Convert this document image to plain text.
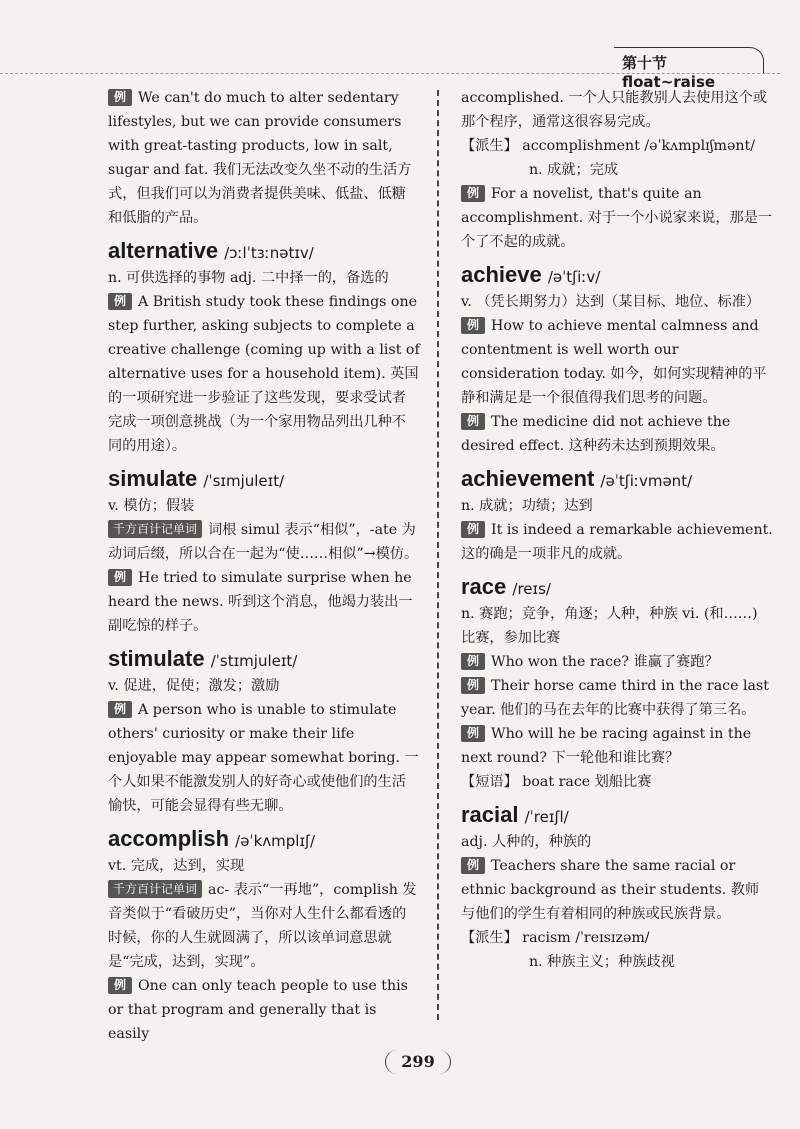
第十节 float~raise

例 We can't do much to alter sedentary lifestyles, but we can provide consumers with great-tasting products, low in salt, sugar and fat. 我们无法改变久坐不动的生活方式，但我们可以为消费者提供美味、低盐、低糖和低脂的产品。

alternative /ɔːlˈtɜːnətɪv/

n. 可供选择的事物 adj. 二中择一的，备选的

例 A British study took these findings one step further, asking subjects to complete a creative challenge (coming up with a list of alternative uses for a household item). 英国的一项研究进一步验证了这些发现，要求受试者完成一项创意挑战（为一个家用物品列出几种不同的用途）。

simulate /ˈsɪmjuleɪt/

v. 模仿；假装

千方百计记单词 词根 simul 表示“相似”，-ate 为动词后缀，所以合在一起为“使……相似”→模仿。

例 He tried to simulate surprise when he heard the news. 听到这个消息，他竭力装出一副吃惊的样子。

stimulate /ˈstɪmjuleɪt/

v. 促进，促使；激发；激励

例 A person who is unable to stimulate others' curiosity or make their life enjoyable may appear somewhat boring. 一个人如果不能激发别人的好奇心或使他们的生活愉快，可能会显得有些无聊。

accomplish /əˈkʌmplɪʃ/

vt. 完成，达到，实现

千方百计记单词 ac- 表示“一再地”，complish 发音类似于“看破历史”，当你对人生什么都看透的时候，你的人生就圆满了，所以该单词意思就是“完成，达到，实现”。

例 One can only teach people to use this or that program and generally that is easily

accomplished. 一个人只能教别人去使用这个或那个程序，通常这很容易完成。

【派生】 accomplishment /əˈkʌmplɪʃmənt/

n. 成就；完成

例 For a novelist, that's quite an accomplishment. 对于一个小说家来说，那是一个了不起的成就。

achieve /əˈtʃiːv/

v. （凭长期努力）达到（某目标、地位、标准）

例 How to achieve mental calmness and contentment is well worth our consideration today. 如今，如何实现精神的平静和满足是一个很值得我们思考的问题。

例 The medicine did not achieve the desired effect. 这种药未达到预期效果。

achievement /əˈtʃiːvmənt/

n. 成就；功绩；达到

例 It is indeed a remarkable achievement. 这的确是一项非凡的成就。

race /reɪs/

n. 赛跑；竞争，角逐；人种，种族 vi. (和……) 比赛，参加比赛

例 Who won the race? 谁赢了赛跑？

例 Their horse came third in the race last year. 他们的马在去年的比赛中获得了第三名。

例 Who will he be racing against in the next round? 下一轮他和谁比赛？

【短语】 boat race 划船比赛

racial /ˈreɪʃl/

adj. 人种的，种族的

例 Teachers share the same racial or ethnic background as their students. 教师与他们的学生有着相同的种族或民族背景。

【派生】 racism /ˈreɪsɪzəm/

n. 种族主义；种族歧视

299
